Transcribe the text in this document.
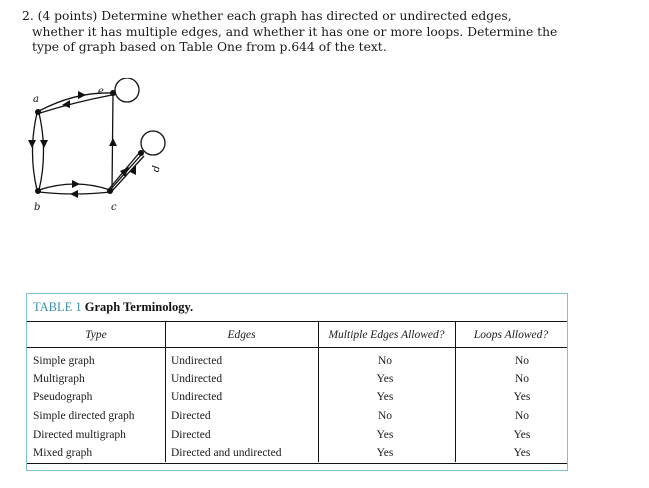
2. (4 points) Determine whether each graph has directed or undirected edges, whether it has multiple edges, and whether it has one or more loops. Determine the type of graph based on Table One from p.644 of the text.
a
e
b	c
d
TABLE 1 Graph Terminology.
Type	Edges	Multiple Edges Allowed?	Loops Allowed?
Simple graph	Undirected	No	No
Multigraph	Undirected	Yes	No
Pseudograph	Undirected	Yes	Yes
Simple directed graph	Directed	No	No
Directed multigraph	Directed	Yes	Yes
Mixed graph	Directed and undirected	Yes	Yes
